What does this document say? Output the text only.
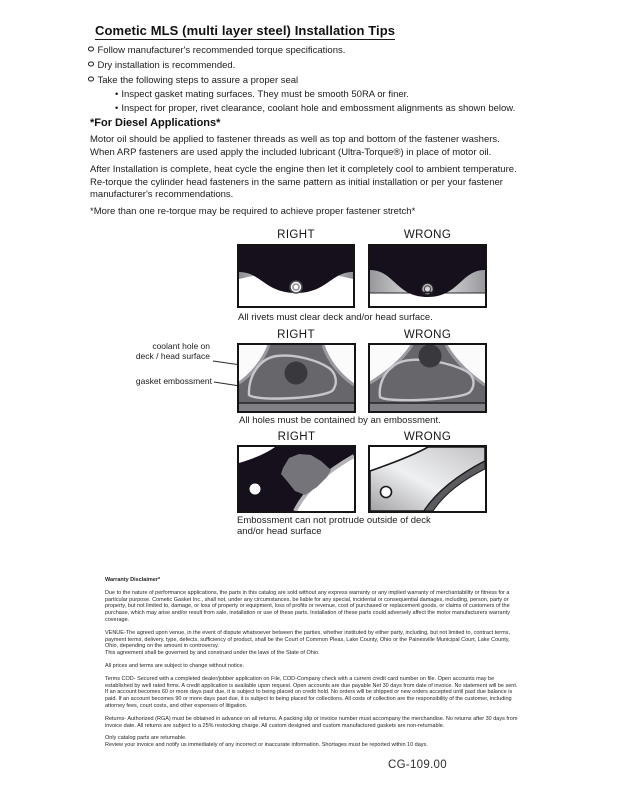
Cometic MLS (multi layer steel) Installation Tips
Follow manufacturer's recommended torque specifications.
Dry installation is recommended.
Take the following steps to assure a proper seal
• Inspect gasket mating surfaces. They must be smooth 50RA or finer.
• Inspect for proper, rivet clearance, coolant hole and embossment alignments as shown below.
*For Diesel Applications*
Motor oil should be applied to fastener threads as well as top and bottom of the fastener washers. When ARP fasteners are used apply the included lubricant (Ultra-Torque®) in place of motor oil.
After Installation is complete, heat cycle the engine then let it completely cool to ambient temperature. Re-torque the cylinder head fasteners in the same pattern as initial installation or per your fastener manufacturer's recommendations.
*More than one re-torque may be required to achieve proper fastener stretch*
RIGHT	WRONG
All rivets must clear deck and/or head surface.
RIGHT	WRONG
coolant hole on
deck / head surface
gasket embossment
All holes must be contained by an embossment.
RIGHT	WRONG
Embossment can not protrude outside of deck
and/or head surface
Warranty Disclaimer*
Due to the nature of performance applications, the parts in this catalog are sold without any express warranty or any implied warranty of merchantability or fitness for a particular purpose. Cometic Gasket Inc., shall not, under any circumstances, be liable for any special, incidental or consequential damages, including, person, party or property, but not limited to, damage, or loss of property or equipment, loss of profits or revenue, cost of purchased or replacement goods, or claims of customers of the purchase, which may arise and/or result from sale, installation or use of these parts. Installation of these parts could adversely affect the motor manufacturers warranty coverage.
VENUE-The agreed upon venue, in the event of dispute whatsoever between the parties, whether instituted by either party, including, but not limited to, contract terms, payment terms, delivery, type, defects, sufficiency of product, shall be the Court of Common Pleas, Lake County, Ohio or the Painesville Municipal Court, Lake County, Ohio, depending on the amount in controversy.
This agreement shall be governed by and construed under the laws of the State of Ohio.
All prices and terms are subject to change without notice.
Terms COD- Secured with a completed dealer/jobber application on File, COD-Company check with a current credit card number on file. Open accounts may be established by well rated firms. A credit application is available upon request. Open accounts are due payable Net 30 days from date of invoice. No statement will be sent. If an account becomes 60 or more days past due, it is subject to being placed on credit hold. No orders will be shipped or new orders accepted until past due balance is paid. If an account becomes 90 or more days past due, it is subject to being placed for collections. All costs of collection are the responsibility of the customer, including attorney fees, court costs, and other expenses of litigation.
Returns- Authorized (RGA) must be obtained in advance on all returns. A packing slip or invoice number must accompany the merchandise. No returns after 30 days from invoice date. All returns are subject to a 25% restocking charge. All custom designed and custom manufactured gaskets are non-returnable.
Only catalog parts are returnable.
Review your invoice and notify us immediately of any incorrect or inaccurate information. Shortages must be reported within 10 days.
CG-109.00
